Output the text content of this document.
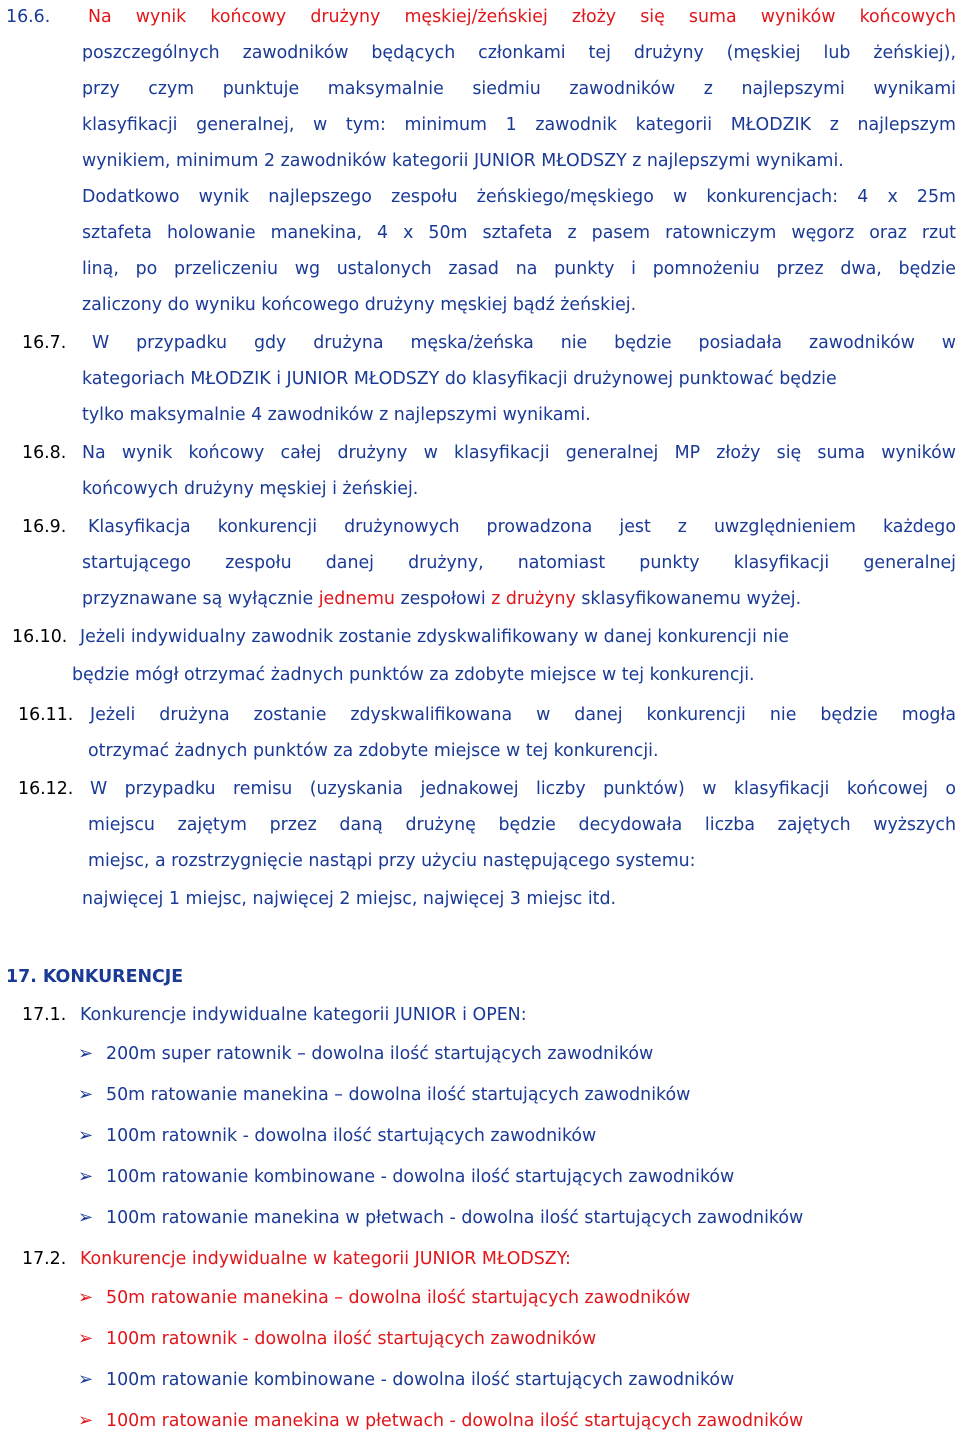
16.6. Na wynik końcowy drużyny męskiej/żeńskiej złoży się suma wyników końcowych
poszczególnych zawodników będących członkami tej drużyny (męskiej lub żeńskiej),
przy czym punktuje maksymalnie siedmiu zawodników z najlepszymi wynikami
klasyfikacji generalnej, w tym: minimum 1 zawodnik kategorii MŁODZIK z najlepszym
wynikiem, minimum 2 zawodników kategorii JUNIOR MŁODSZY z najlepszymi wynikami.
Dodatkowo wynik najlepszego zespołu żeńskiego/męskiego w konkurencjach: 4 x 25m
sztafeta holowanie manekina, 4 x 50m sztafeta z pasem ratowniczym węgorz oraz rzut
liną, po przeliczeniu wg ustalonych zasad na punkty i pomnożeniu przez dwa, będzie
zaliczony do wyniku końcowego drużyny męskiej bądź żeńskiej.
16.7. W przypadku gdy drużyna męska/żeńska nie będzie posiadała zawodników w
kategoriach MŁODZIK i JUNIOR MŁODSZY do klasyfikacji drużynowej punktować będzie
tylko maksymalnie 4 zawodników z najlepszymi wynikami.
16.8. Na wynik końcowy całej drużyny w klasyfikacji generalnej MP złoży się suma wyników
końcowych drużyny męskiej i żeńskiej.
16.9. Klasyfikacja konkurencji drużynowych prowadzona jest z uwzględnieniem każdego
startującego zespołu danej drużyny, natomiast punkty klasyfikacji generalnej
przyznawane są wyłącznie jednemu zespołowi z drużyny sklasyfikowanemu wyżej.
16.10. Jeżeli indywidualny zawodnik zostanie zdyskwalifikowany w danej konkurencji nie
będzie mógł otrzymać żadnych punktów za zdobyte miejsce w tej konkurencji.
16.11. Jeżeli drużyna zostanie zdyskwalifikowana w danej konkurencji nie będzie mogła
otrzymać żadnych punktów za zdobyte miejsce w tej konkurencji.
16.12. W przypadku remisu (uzyskania jednakowej liczby punktów) w klasyfikacji końcowej o
miejscu zajętym przez daną drużynę będzie decydowała liczba zajętych wyższych
miejsc, a rozstrzygnięcie nastąpi przy użyciu następującego systemu:
najwięcej 1 miejsc, najwięcej 2 miejsc, najwięcej 3 miejsc itd.
17. KONKURENCJE
17.1. Konkurencje indywidualne kategorii JUNIOR i OPEN:
➢ 200m super ratownik – dowolna ilość startujących zawodników
➢ 50m ratowanie manekina – dowolna ilość startujących zawodników
➢ 100m ratownik - dowolna ilość startujących zawodników
➢ 100m ratowanie kombinowane - dowolna ilość startujących zawodników
➢ 100m ratowanie manekina w płetwach - dowolna ilość startujących zawodników
17.2. Konkurencje indywidualne w kategorii JUNIOR MŁODSZY:
➢ 50m ratowanie manekina – dowolna ilość startujących zawodników
➢ 100m ratownik - dowolna ilość startujących zawodników
➢ 100m ratowanie kombinowane - dowolna ilość startujących zawodników
➢ 100m ratowanie manekina w płetwach - dowolna ilość startujących zawodników
